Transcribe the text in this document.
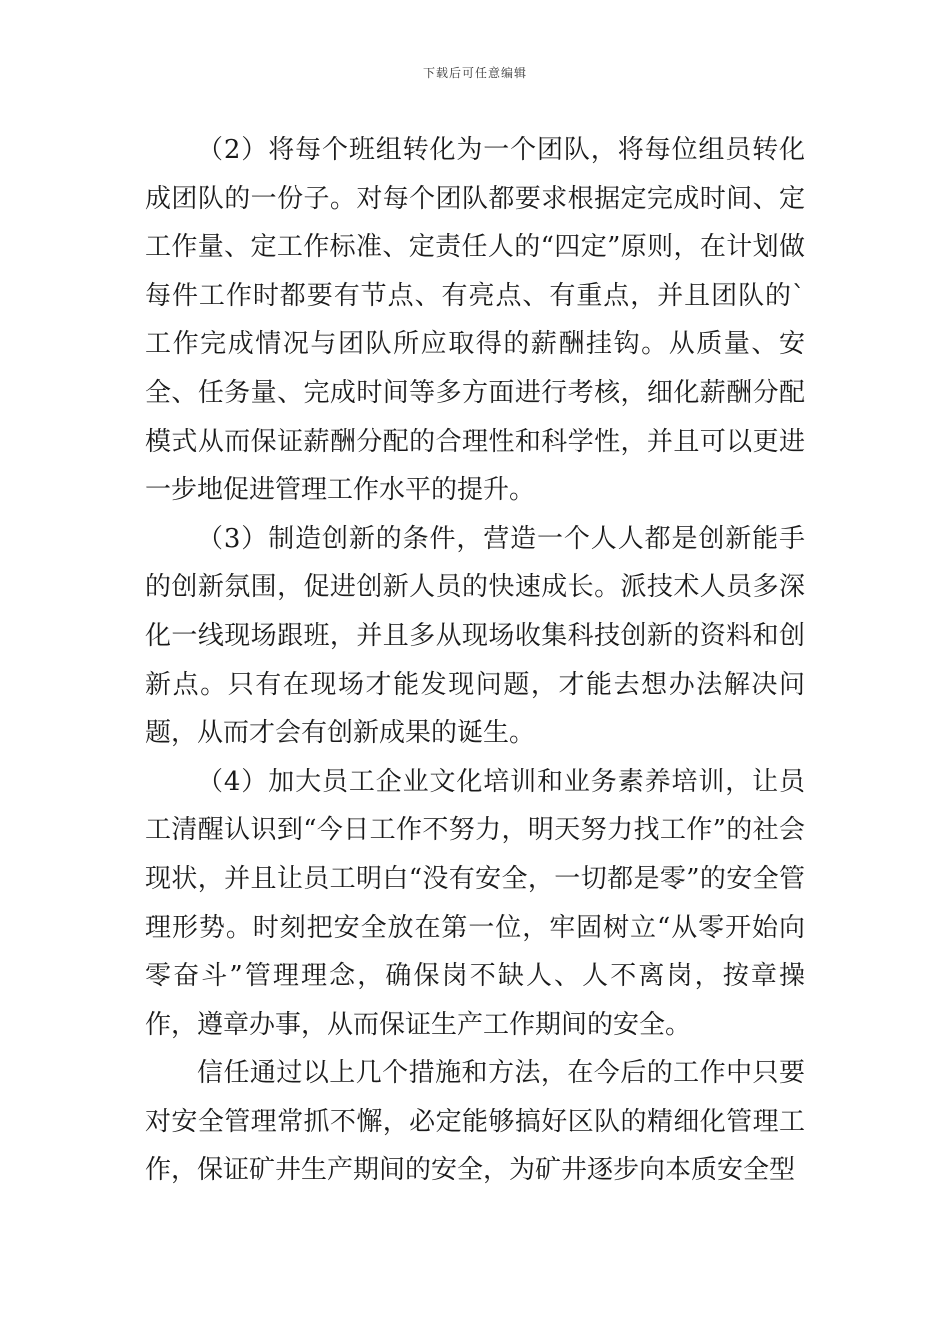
下载后可任意编辑

（2）将每个班组转化为一个团队，将每位组员转化成团队的一份子。对每个团队都要求根据定完成时间、定工作量、定工作标准、定责任人的“四定”原则，在计划做每件工作时都要有节点、有亮点、有重点，并且团队的`工作完成情况与团队所应取得的薪酬挂钩。从质量、安全、任务量、完成时间等多方面进行考核，细化薪酬分配模式从而保证薪酬分配的合理性和科学性，并且可以更进一步地促进管理工作水平的提升。

（3）制造创新的条件，营造一个人人都是创新能手的创新氛围，促进创新人员的快速成长。派技术人员多深化一线现场跟班，并且多从现场收集科技创新的资料和创新点。只有在现场才能发现问题，才能去想办法解决问题，从而才会有创新成果的诞生。

（4）加大员工企业文化培训和业务素养培训，让员工清醒认识到“今日工作不努力，明天努力找工作”的社会现状，并且让员工明白“没有安全，一切都是零”的安全管理形势。时刻把安全放在第一位，牢固树立“从零开始向零奋斗”管理理念，确保岗不缺人、人不离岗，按章操作，遵章办事，从而保证生产工作期间的安全。

信任通过以上几个措施和方法，在今后的工作中只要对安全管理常抓不懈，必定能够搞好区队的精细化管理工作，保证矿井生产期间的安全，为矿井逐步向本质安全型
